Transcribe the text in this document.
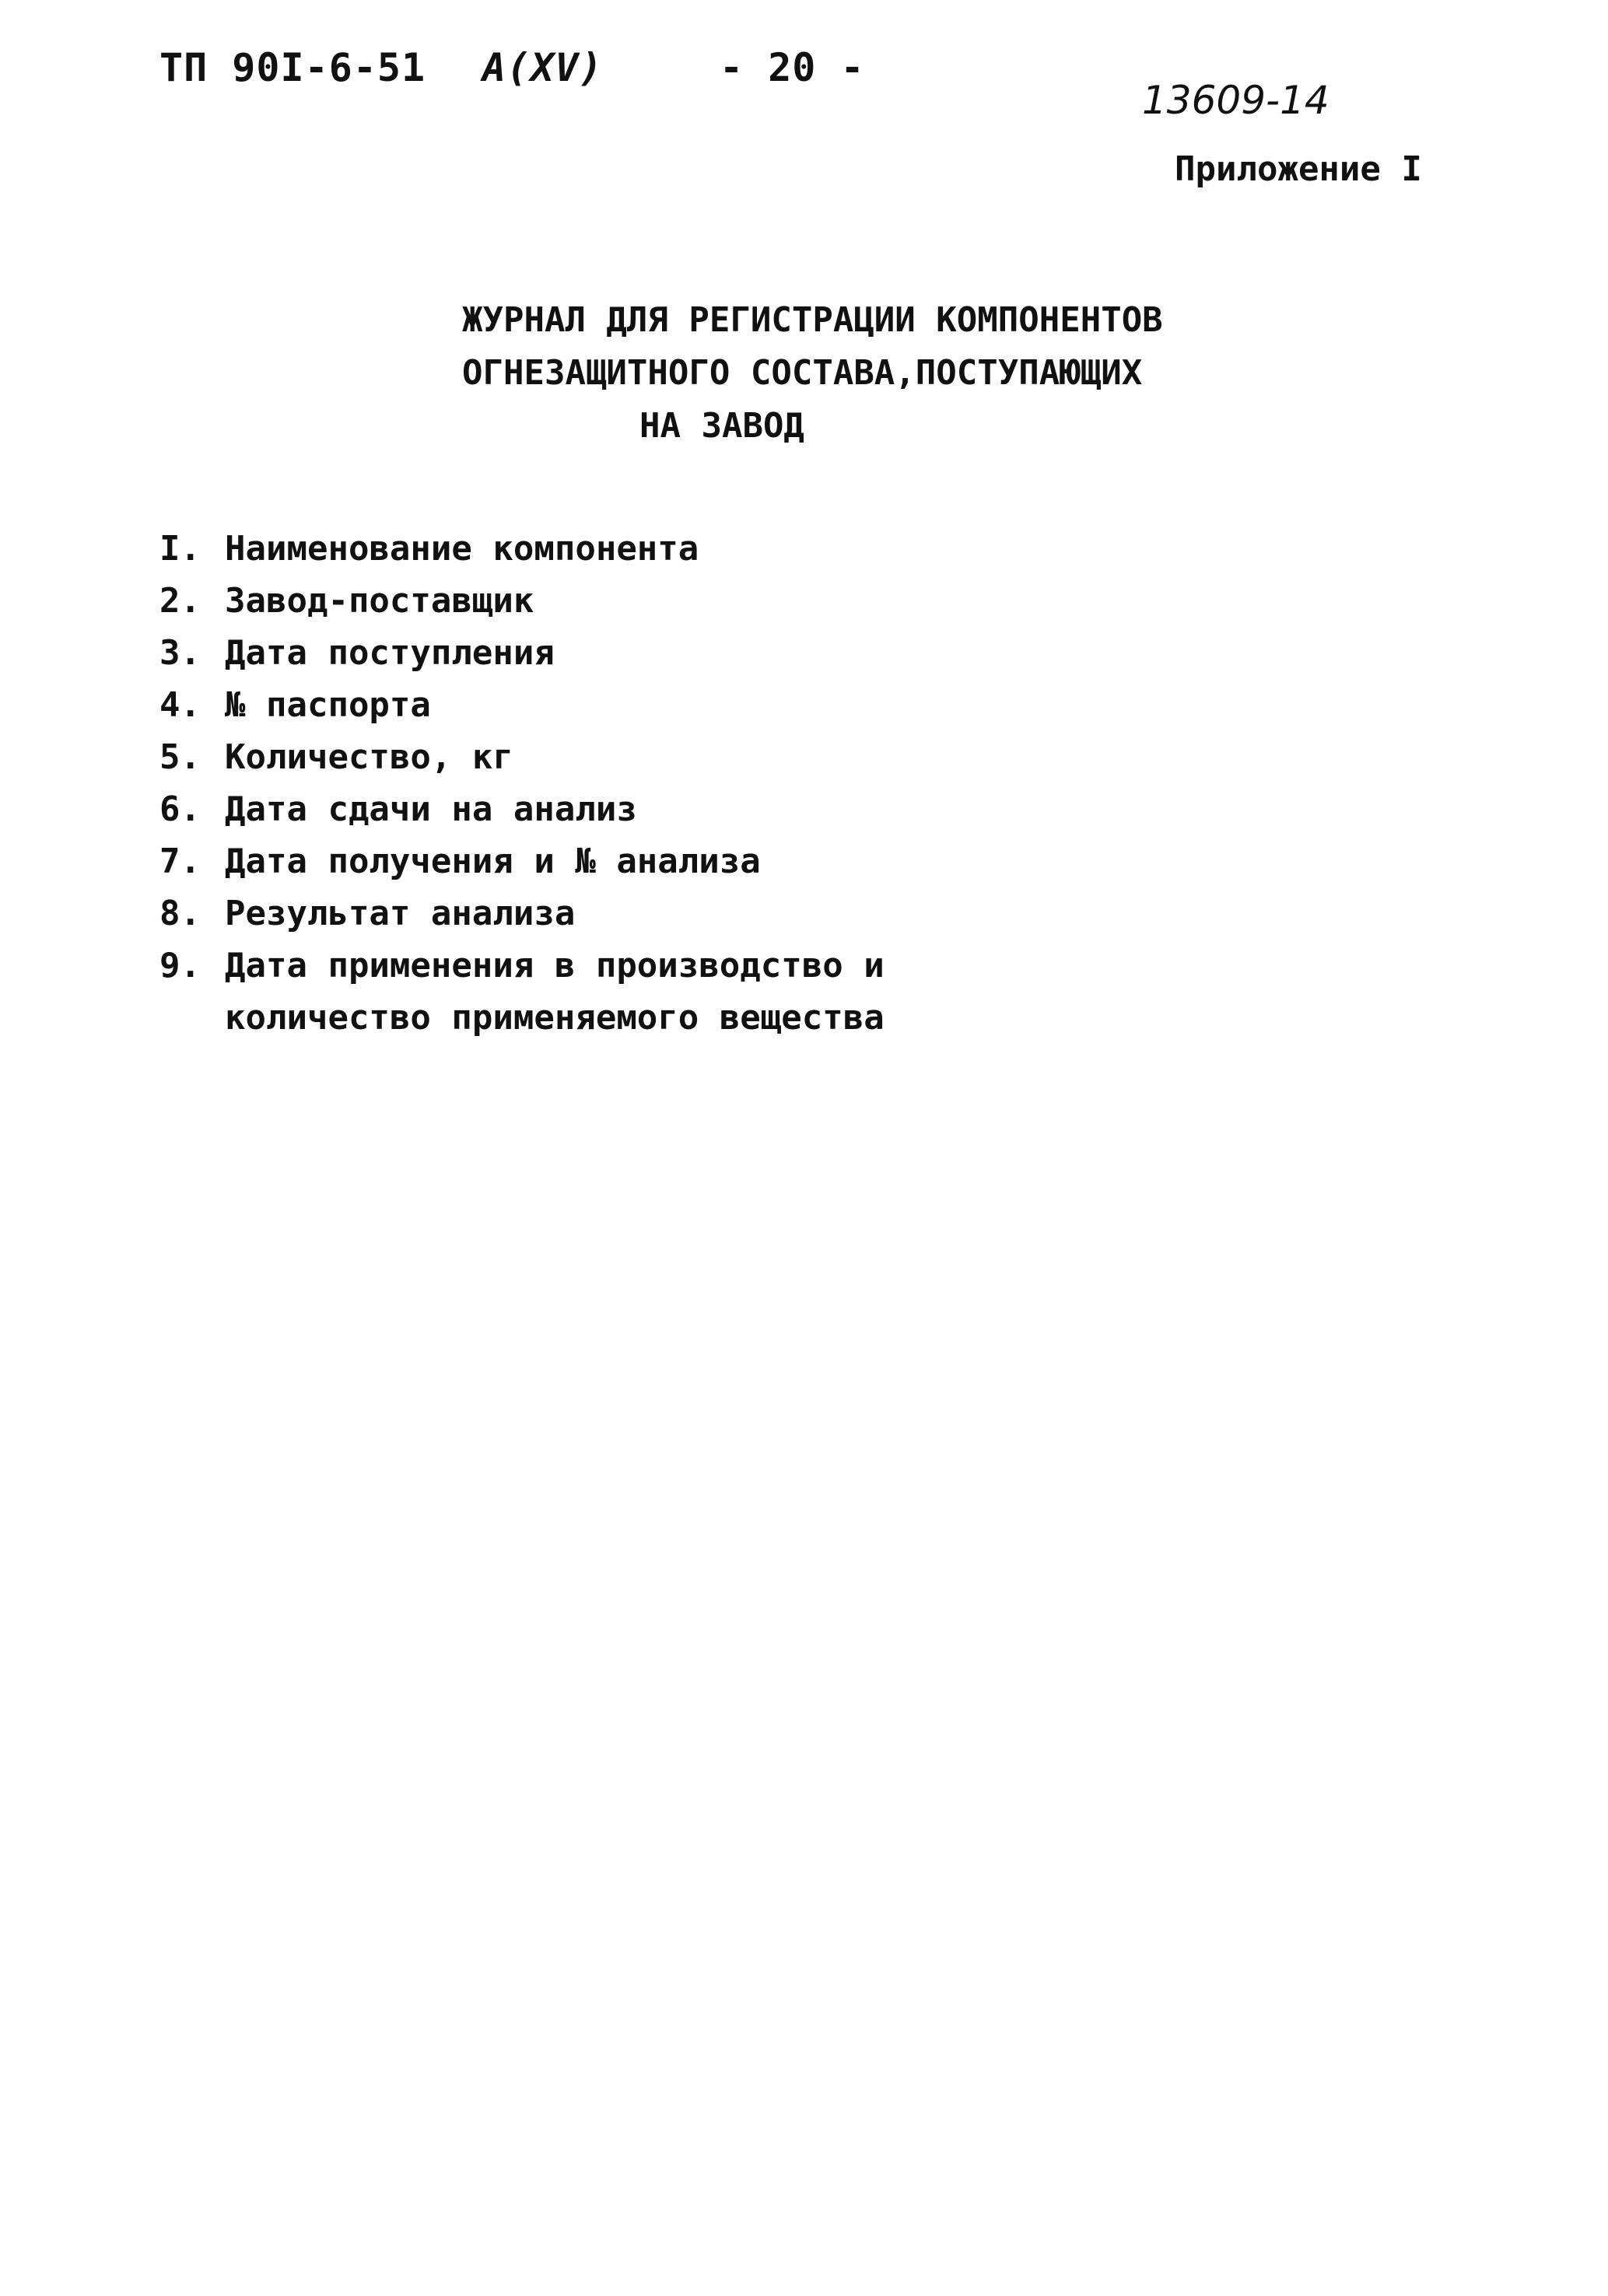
ТП 90I-6-51 А(ХV)	- 20 -
13609-14
Приложение I
ЖУРНАЛ ДЛЯ РЕГИСТРАЦИИ КОМПОНЕНТОВ
ОГНЕЗАЩИТНОГО СОСТАВА,ПОСТУПАЮЩИХ
НА ЗАВОД
I. Наименование компонента
2. Завод-поставщик
3. Дата поступления
4. № паспорта
5. Количество, кг
6. Дата сдачи на анализ
7. Дата получения и № анализа
8. Результат анализа
9. Дата применения в производство и
количество применяемого вещества
